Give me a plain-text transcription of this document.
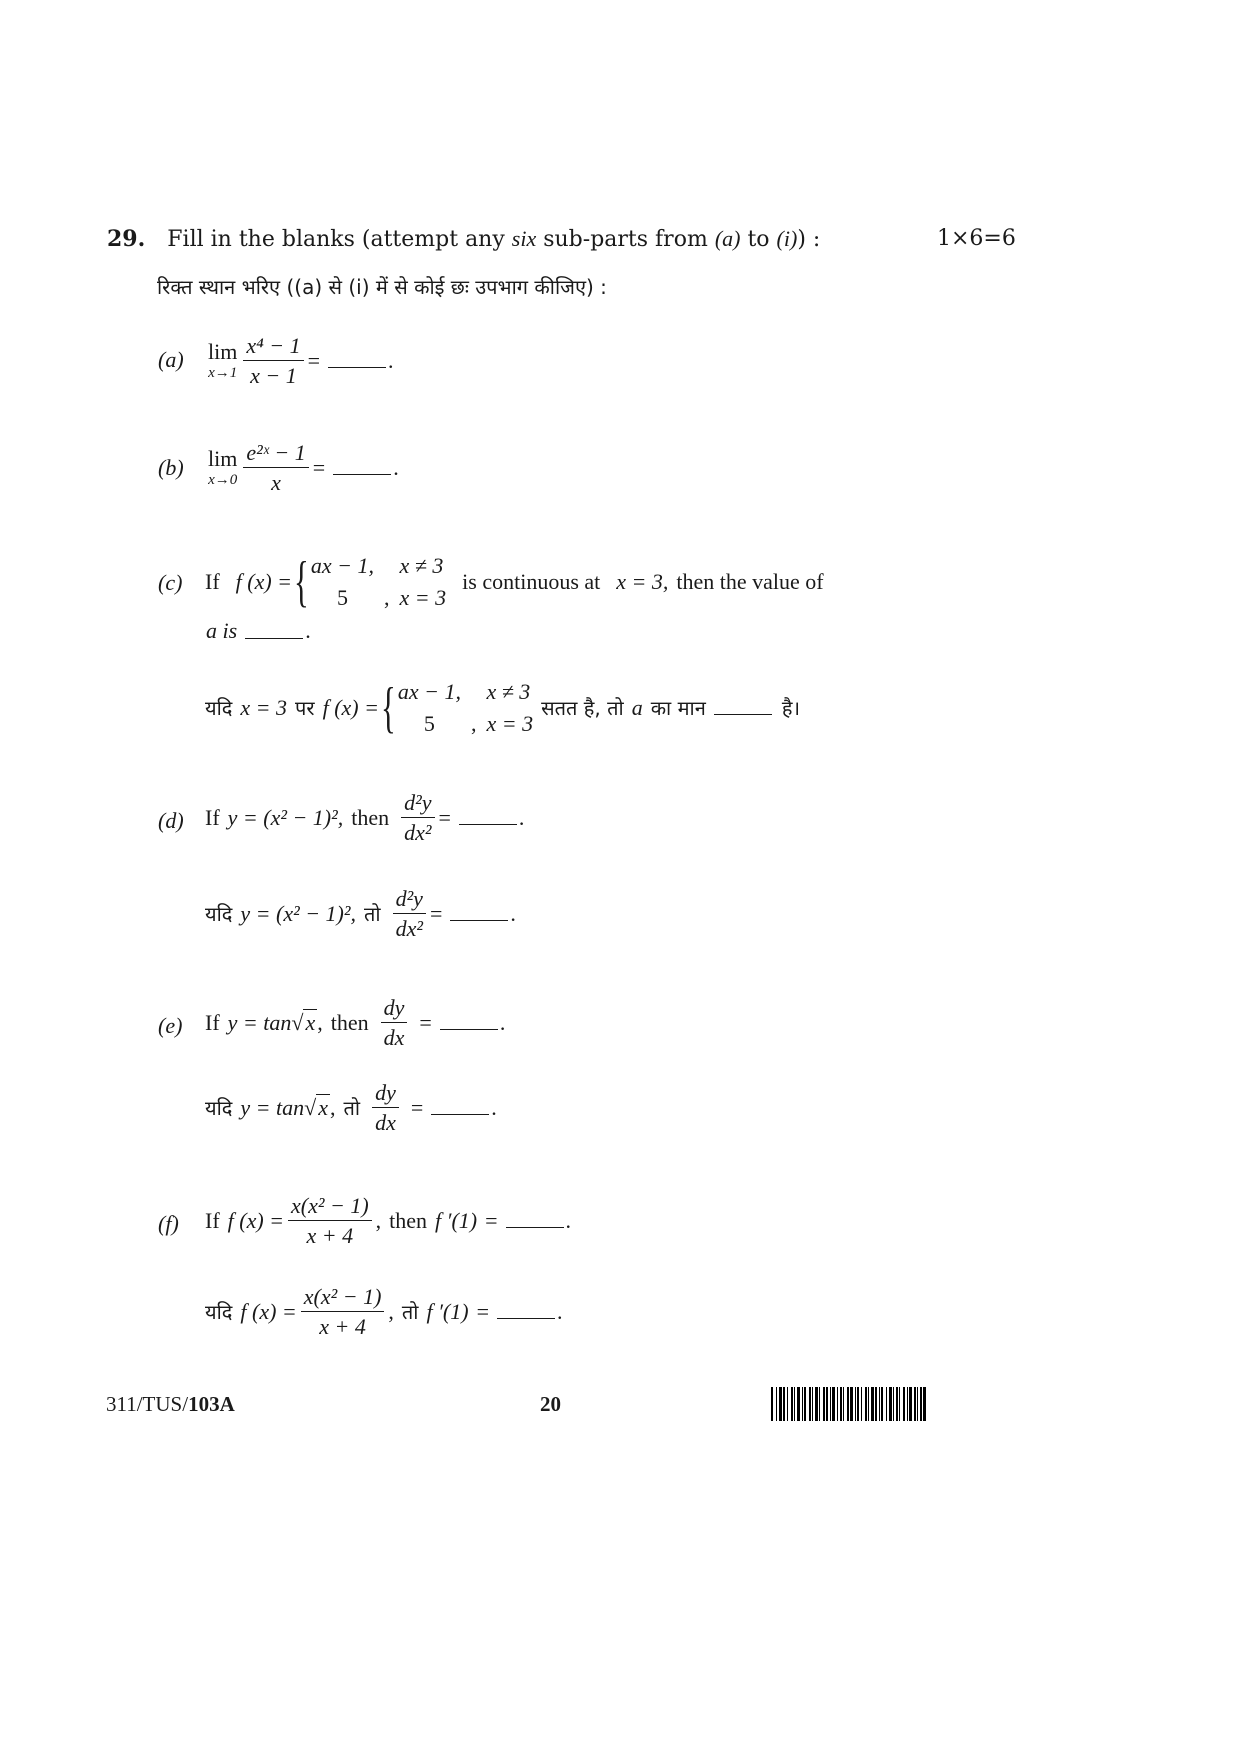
29. Fill in the blanks (attempt any six sub-parts from (a) to (i)) :	1×6=6
रिक्त स्थान भरिए ((a) से (i) में से कोई छः उपभाग कीजिए) :
(a) lim
$x\to 1 \frac{\text{x⁴ − 1}}{x - 1}$ =	.
(b) lim
$x\to 0 \frac{\text{e²ˣ − 1}}{x}$ =	.
(c) If f (x) = { ax − 1, x ≠ 3
5	, x = 3
is continuous at x = 3, then the value of
a is	.
यदि x = 3 पर f (x) = { ax − 1, x ≠ 3
5	, x = 3
सतत है, तो a का मान	है।
(d) If y = (x² − 1)², then $\frac{\text{d²y}}{\text{dx²}}$ =	.
यदि y = (x² − 1)², तो $\frac{\text{d²y}}{\text{dx²}}$ =	.
(e) If y = tan √ x , then $\frac{dy}{dx}$ =	.
यदि y = tan √ x , तो $\frac{dy}{dx}$ =	.
(f) If f $(x) = \frac{\text{x(x² − 1)}}{x + 4}$ , then f ′(1) =	.
यदि f $(x) = \frac{\text{x(x² − 1)}}{x + 4}$ , तो f ′(1) =	.
311/TUS/103A	20
